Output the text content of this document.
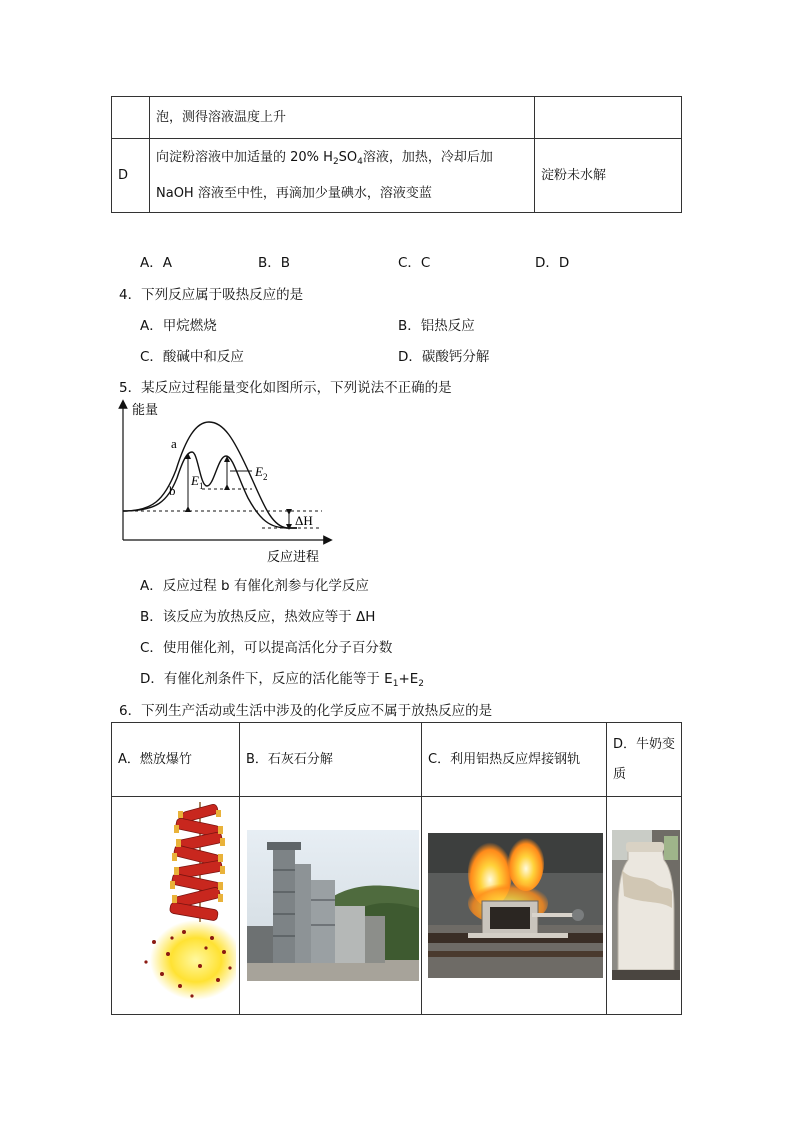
	泡，测得溶液温度上升	
D	向淀粉溶液中加适量的 20% $H_2SO_4$溶液，加热，冷却后加
NaOH 溶液至中性，再滴加少量碘水，溶液变蓝	淀粉未水解
A．A	B．B	C．C	D．D
4．下列反应属于吸热反应的是
A．甲烷燃烧	B．铝热反应
C．酸碱中和反应	D．碳酸钙分解
5．某反应过程能量变化如图所示，下列说法不正确的是
能量
a
b
$E_1$
$E_2$
ΔH
反应进程
A．反应过程 b 有催化剂参与化学反应
B．该反应为放热反应，热效应等于 ΔH
C．使用催化剂，可以提高活化分子百分数
D．有催化剂条件下，反应的活化能等于 $E_1+E_2$
6．下列生产活动或生活中涉及的化学反应不属于放热反应的是
A．燃放爆竹	B．石灰石分解	C．利用铝热反应焊接钢轨	D．牛奶变
质
